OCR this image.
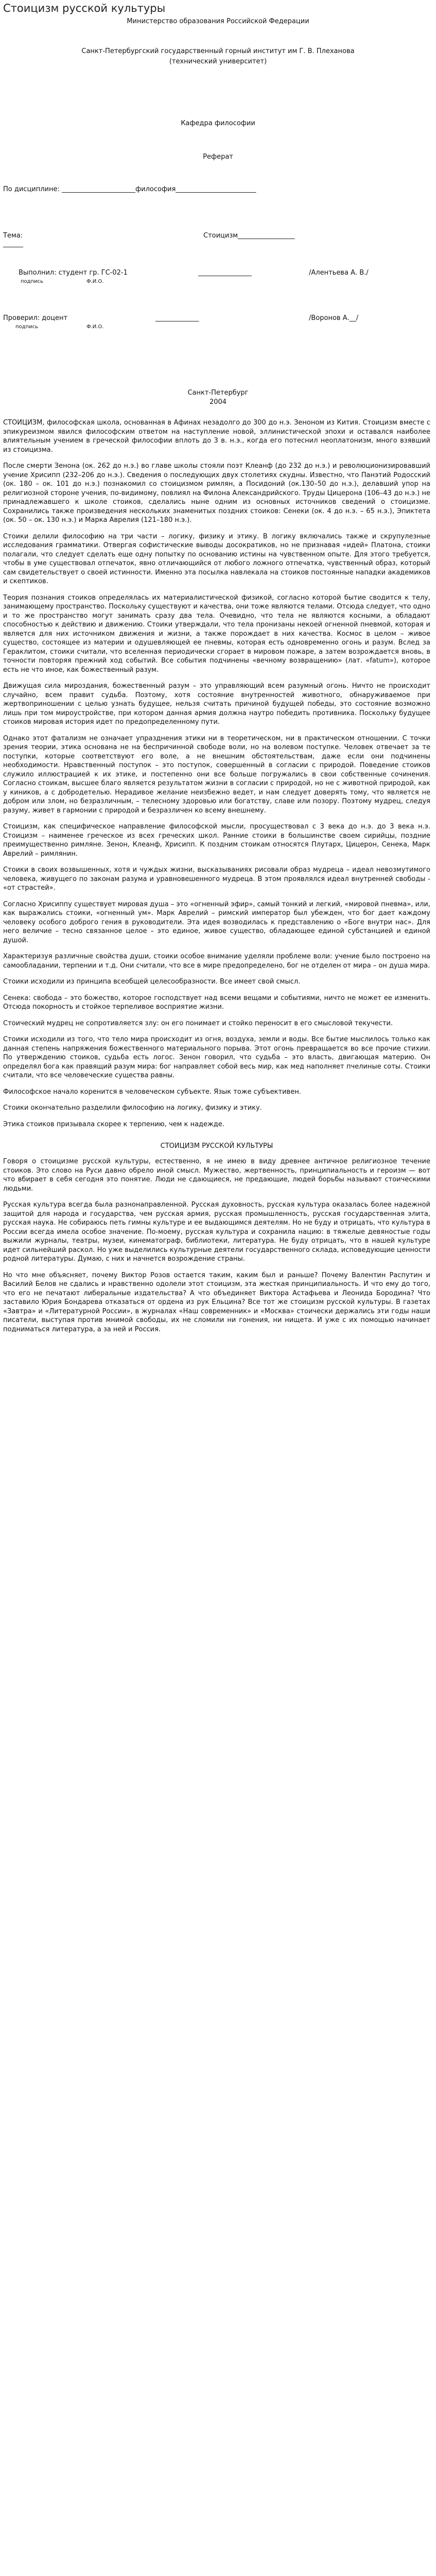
Стоицизм русской культуры
Министерство образования Российской Федерации
Санкт-Петербургский государственный горный институт им Г. В. Плеханова
(технический университет)
Кафедра философии
Реферат
По дисциплине: ______________________философия________________________
Тема:	Стоицизм_________________
______
Выполнил: студент гр. ГС-02-1	________________	/Алентьева А. В./
подпись	Ф.И.О.
Проверил: доцент	_____________	/Воронов А.__/
подпись	Ф.И.О.
Санкт-Петербург
2004

СТОИЦИЗМ, философская школа, основанная в Афинах незадолго до 300 до н.э. Зеноном из Кития. Стоицизм вместе с эпикуреизмом явился философским ответом на наступление новой, эллинистической эпохи и оставался наиболее влиятельным учением в греческой философии вплоть до 3 в. н.э., когда его потеснил неоплатонизм, много взявший из стоицизма.

После смерти Зенона (ок. 262 до н.э.) во главе школы стояли поэт Клеанф (до 232 до н.э.) и революционизировавший учение Хрисипп (232–206 до н.э.). Сведения о последующих двух столетиях скудны. Известно, что Панэтий Родосский (ок. 180 – ок. 101 до н.э.) познакомил со стоицизмом римлян, а Посидоний (ок.130–50 до н.э.), делавший упор на религиозной стороне учения, по-видимому, повлиял на Филона Александрийского. Труды Цицерона (106–43 до н.э.) не принадлежавшего к школе стоиков, сделались ныне одним из основных источников сведений о стоицизме. Сохранились также произведения нескольких знаменитых поздних стоиков: Сенеки (ок. 4 до н.э. – 65 н.э.), Эпиктета (ок. 50 – ок. 130 н.э.) и Марка Аврелия (121–180 н.э.).

Стоики делили философию на три части – логику, физику и этику. В логику включались также и скрупулезные исследования грамматики. Отвергая софистические выводы досократиков, но не признавая «идей» Платона, стоики полагали, что следует сделать еще одну попытку по основанию истины на чувственном опыте. Для этого требуется, чтобы в уме существовал отпечаток, явно отличающийся от любого ложного отпечатка, чувственный образ, который сам свидетельствует о своей истинности. Именно эта посылка навлекала на стоиков постоянные нападки академиков и скептиков.

Теория познания стоиков определялась их материалистической физикой, согласно которой бытие сводится к телу, занимающему пространство. Поскольку существуют и качества, они тоже являются телами. Отсюда следует, что одно и то же пространство могут занимать сразу два тела. Очевидно, что тела не являются косными, а обладают способностью к действию и движению. Стоики утверждали, что тела пронизаны некоей огненной пневмой, которая и является для них источником движения и жизни, а также порождает в них качества. Космос в целом – живое существо, состоящее из материи и одушевляющей ее пневмы, которая есть одновременно огонь и разум. Вслед за Гераклитом, стоики считали, что вселенная периодически сгорает в мировом пожаре, а затем возрождается вновь, в точности повторяя прежний ход событий. Все события подчинены «вечному возвращению» (лат. «fatum»), которое есть не что иное, как божественный разум.

Движущая сила мироздания, божественный разум – это управляющий всем разумный огонь. Ничто не происходит случайно, всем правит судьба. Поэтому, хотя состояние внутренностей животного, обнаруживаемое при жертвоприношении с целью узнать будущее, нельзя считать причиной будущей победы, это состояние возможно лишь при том мироустройстве, при котором данная армия должна наутро победить противника. Поскольку будущее стоиков мировая история идет по предопределенному пути.

Однако этот фатализм не означает упразднения этики ни в теоретическом, ни в практическом отношении. С точки зрения теории, этика основана не на беспричинной свободе воли, но на волевом поступке. Человек отвечает за те поступки, которые соответствуют его воле, а не внешним обстоятельствам, даже если они подчинены необходимости. Нравственный поступок – это поступок, совершенный в согласии с природой. Поведение стоиков служило иллюстрацией к их этике, и постепенно они все больше погружались в свои собственные сочинения. Согласно стоикам, высшее благо является результатом жизни в согласии с природой, но не с животной природой, как у киников, а с добродетелью. Нерадивое желание неизбежно ведет, и нам следует доверять тому, что является не добром или злом, но безразличным, – телесному здоровью или богатству, славе или позору. Поэтому мудрец, следуя разуму, живет в гармонии с природой и безразличен ко всему внешнему.

Стоицизм, как специфическое направление философской мысли, просуществовал с 3 века до н.э. до 3 века н.э. Стоицизм – наименее греческое из всех греческих школ. Ранние стоики в большинстве своем сирийцы, поздние преимущественно римляне. Зенон, Клеанф, Хрисипп. К поздним стоикам относятся Плутарх, Цицерон, Сенека, Марк Аврелий – римлянин.

Стоики в своих возвышенных, хотя и чуждых жизни, высказываниях рисовали образ мудреца – идеал невозмутимого человека, живущего по законам разума и уравновешенного мудреца. В этом проявлялся идеал внутренней свободы - «от страстей».

Согласно Хрисиппу существует мировая душа – это «огненный эфир», самый тонкий и легкий, «мировой пневма», или, как выражались стоики, «огненный ум». Марк Аврелий – римский император был убежден, что бог дает каждому человеку особого доброго гения в руководители. Эта идея возводилась к представлению о «Боге внутри нас». Для него величие – тесно связанное целое – это единое, живое существо, обладающее единой субстанцией и единой душой.

Характеризуя различные свойства души, стоики особое внимание уделяли проблеме воли: учение было построено на самообладании, терпении и т.д. Они считали, что все в мире предопределено, бог не отделен от мира – он душа мира.

Стоики исходили из принципа всеобщей целесообразности. Все имеет свой смысл.

Сенека: свобода – это божество, которое господствует над всеми вещами и событиями, ничто не может ее изменить. Отсюда покорность и стойкое терпеливое восприятие жизни.

Стоический мудрец не сопротивляется злу: он его понимает и стойко переносит в его смысловой текучести.

Стоики исходили из того, что тело мира происходит из огня, воздуха, земли и воды. Все бытие мыслилось только как данная степень напряжения божественного материального порыва. Этот огонь превращается во все прочие стихии. По утверждению стоиков, судьба есть логос. Зенон говорил, что судьба – это власть, двигающая материю. Он определял бога как правящий разум мира: бог направляет собой весь мир, как мед наполняет пчелиные соты. Стоики считали, что все человеческие существа равны.

Философское начало коренится в человеческом субъекте. Язык тоже субъективен.

Стоики окончательно разделили философию на логику, физику и этику.

Этика стоиков призывала скорее к терпению, чем к надежде.

СТОИЦИЗМ РУССКОЙ КУЛЬТУРЫ

Говоря о стоицизме русской культуры, естественно, я не имею в виду древнее античное религиозное течение стоиков. Это слово на Руси давно обрело иной смысл. Мужество, жертвенность, принципиальность и героизм — вот что вбирает в себя сегодня это понятие. Люди не сдающиеся, не предающие, людей борьбы называют стоическими людьми.

Русская культура всегда была разнонаправленной. Русская духовность, русская культура оказалась более надежной защитой для народа и государства, чем русская армия, русская промышленность, русская государственная элита, русская наука. Не собираюсь петь гимны культуре и ее выдающимся деятелям. Но не буду и отрицать, что культура в России всегда имела особое значение. По-моему, русская культура и сохранила нацию: в тяжелые девяностые годы выжили журналы, театры, музеи, кинематограф, библиотеки, литература. Не буду отрицать, что в нашей культуре идет сильнейший раскол. Но уже выделились культурные деятели государственного склада, исповедующие ценности родной литературы. Думаю, с них и начнется возрождение страны.

Но что мне объясняет, почему Виктор Розов остается таким, каким был и раньше? Почему Валентин Распутин и Василий Белов не сдались и нравственно одолели этот стоицизм, эта жесткая принципиальность. И что ему до того, что его не печатают либеральные издательства? А что объединяет Виктора Астафьева и Леонида Бородина? Что заставило Юрия Бондарева отказаться от ордена из рук Ельцина? Все тот же стоицизм русской культуры. В газетах «Завтра» и «Литературной России», в журналах «Наш современник» и «Москва» стоически держались эти годы наши писатели, выступая против мнимой свободы, их не сломили ни гонения, ни нищета. И уже с их помощью начинает подниматься литература, а за ней и Россия.
